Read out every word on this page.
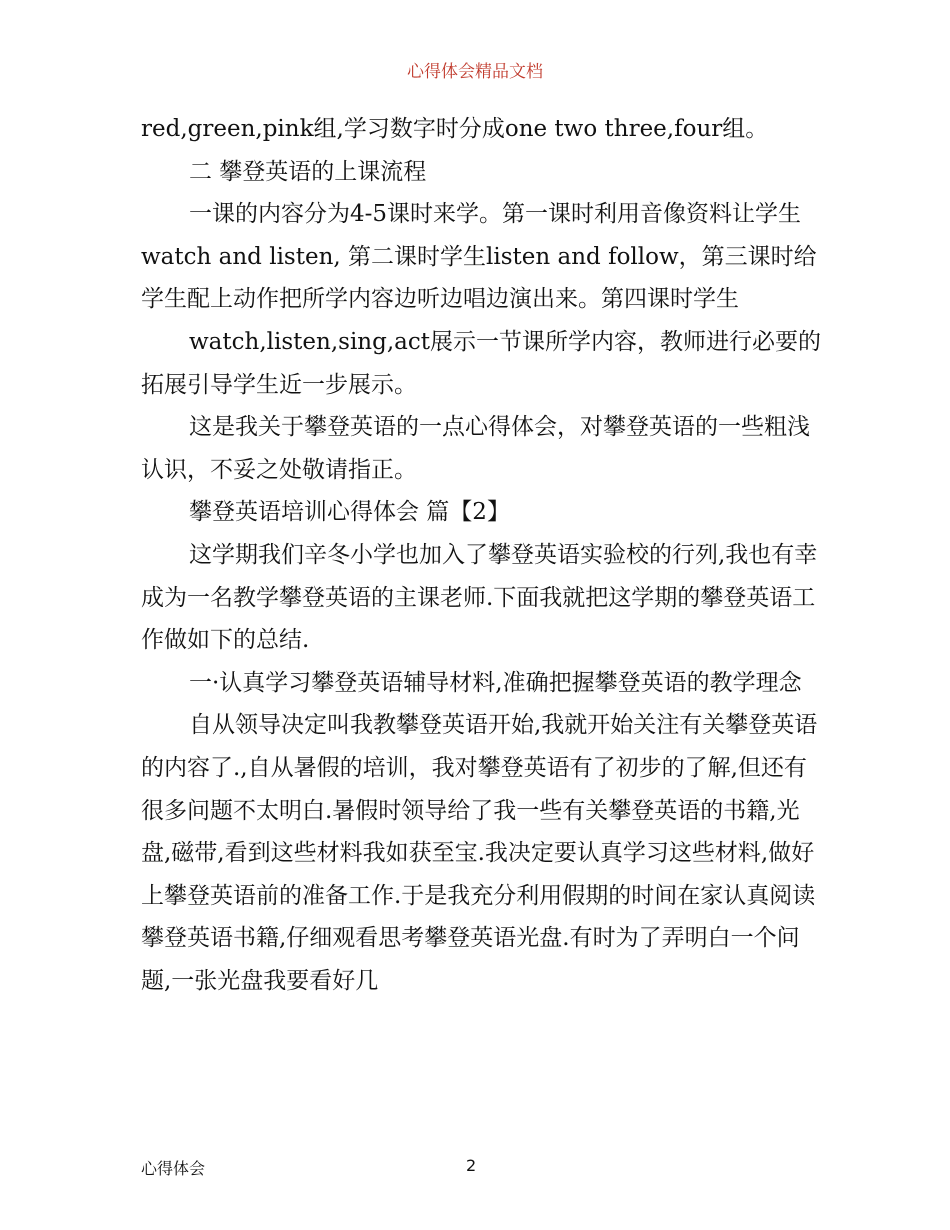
心得体会精品文档

red,green,pink组,学习数字时分成one two three,four组。

二 攀登英语的上课流程

一课的内容分为4-5课时来学。第一课时利用音像资料让学生watch and listen, 第二课时学生listen and follow，第三课时给学生配上动作把所学内容边听边唱边演出来。第四课时学生

watch,listen,sing,act展示一节课所学内容，教师进行必要的拓展引导学生近一步展示。

这是我关于攀登英语的一点心得体会，对攀登英语的一些粗浅认识，不妥之处敬请指正。

攀登英语培训心得体会 篇【2】

这学期我们辛冬小学也加入了攀登英语实验校的行列,我也有幸成为一名教学攀登英语的主课老师.下面我就把这学期的攀登英语工作做如下的总结.

一·认真学习攀登英语辅导材料,准确把握攀登英语的教学理念

自从领导决定叫我教攀登英语开始,我就开始关注有关攀登英语的内容了.,自从暑假的培训，我对攀登英语有了初步的了解,但还有很多问题不太明白.暑假时领导给了我一些有关攀登英语的书籍,光盘,磁带,看到这些材料我如获至宝.我决定要认真学习这些材料,做好上攀登英语前的准备工作.于是我充分利用假期的时间在家认真阅读攀登英语书籍,仔细观看思考攀登英语光盘.有时为了弄明白一个问题,一张光盘我要看好几

心得体会	2
